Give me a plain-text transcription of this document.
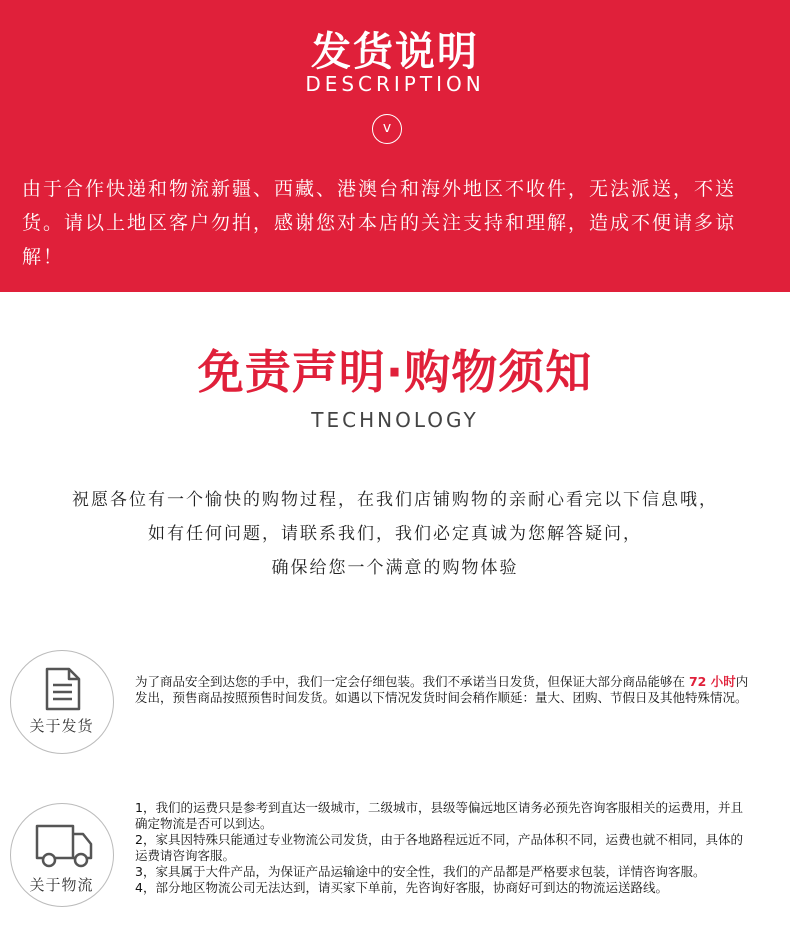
发货说明
DESCRIPTION
v
由于合作快递和物流新疆、西藏、港澳台和海外地区不收件，无法派送，不送货。请以上地区客户勿拍，感谢您对本店的关注支持和理解，造成不便请多谅解！
免责声明·购物须知
TECHNOLOGY
祝愿各位有一个愉快的购物过程，在我们店铺购物的亲耐心看完以下信息哦，
如有任何问题，请联系我们，我们必定真诚为您解答疑问，
确保给您一个满意的购物体验
关于发货
为了商品安全到达您的手中，我们一定会仔细包装。我们不承诺当日发货，但保证大部分商品能够在 72 小时内发出，预售商品按照预售时间发货。如遇以下情况发货时间会稍作顺延：量大、团购、节假日及其他特殊情况。
关于物流
1，我们的运费只是参考到直达一级城市，二级城市，县级等偏远地区请务必预先咨询客服相关的运费用，并且确定物流是否可以到达。
2，家具因特殊只能通过专业物流公司发货，由于各地路程远近不同，产品体积不同，运费也就不相同，具体的运费请咨询客服。
3，家具属于大件产品，为保证产品运输途中的安全性，我们的产品都是严格要求包装，详情咨询客服。
4，部分地区物流公司无法达到，请买家下单前，先咨询好客服，协商好可到达的物流运送路线。
